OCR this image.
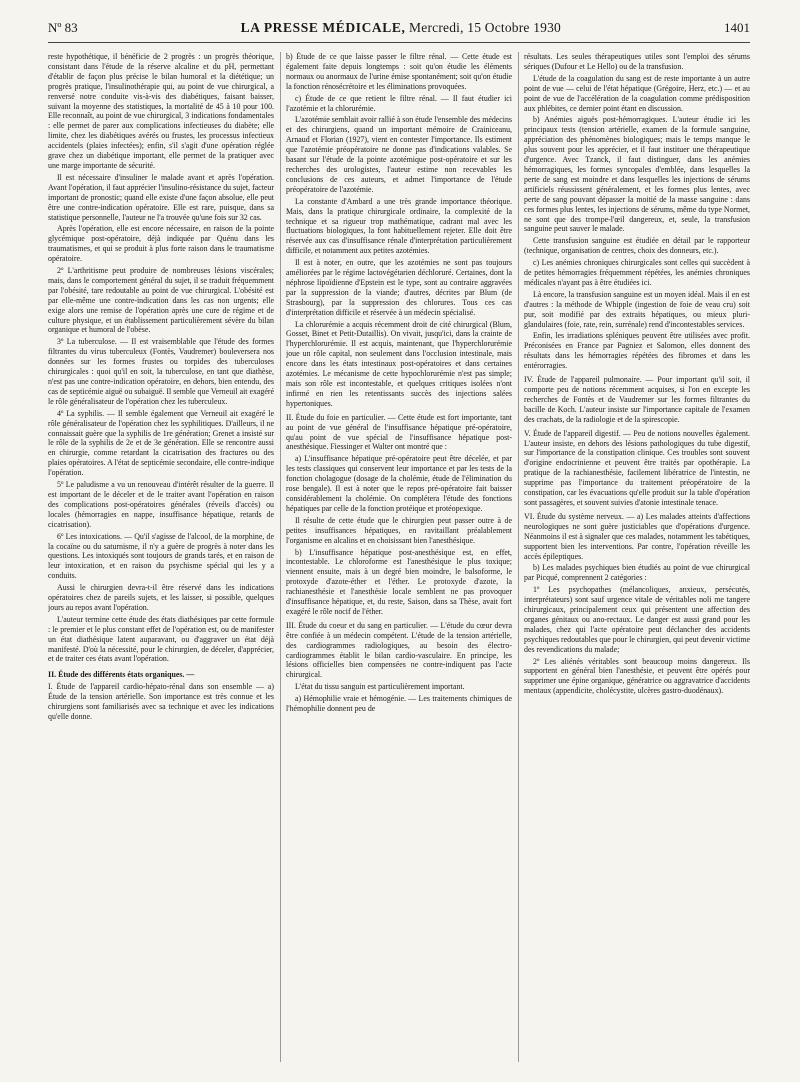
Nº 83	LA PRESSE MÉDICALE, Mercredi, 15 Octobre 1930	1401

reste hypothétique, il bénéficie de 2 progrès : un progrès théorique, consistant dans l'étude de la réserve alcaline et du pH, permettant d'établir de façon plus précise le bilan humoral et la diététique; un progrès pratique, l'insulinothérapie qui, au point de vue chirurgical, a renversé notre conduite vis-à-vis des diabétiques, faisant baisser, suivant la moyenne des statistiques, la mortalité de 45 à 10 pour 100. Elle reconnaît, au point de vue chirurgical, 3 indications fondamentales : elle permet de parer aux complications infectieuses du diabète; elle limite, chez les diabétiques avérés ou frustes, les processus infectieux accidentels (plaies infectées); enfin, s'il s'agit d'une opération réglée grave chez un diabétique important, elle permet de la pratiquer avec une marge importante de sécurité.

Il est nécessaire d'insuliner le malade avant et après l'opération. Avant l'opération, il faut apprécier l'insulino-résistance du sujet, facteur important de pronostic; quand elle existe d'une façon absolue, elle peut être une contre-indication opératoire. Elle est rare, puisque, dans sa statistique personnelle, l'auteur ne l'a trouvée qu'une fois sur 32 cas.

Après l'opération, elle est encore nécessaire, en raison de la pointe glycémique post-opératoire, déjà indiquée par Quénu dans les traumatismes, et qui se produit à plus forte raison dans le traumatisme opératoire.

2º L'arthritisme peut produire de nombreuses lésions viscérales; mais, dans le comportement général du sujet, il se traduit fréquemment par l'obésité, tare redoutable au point de vue chirurgical. L'obésité est par elle-même une contre-indication dans les cas non urgents; elle exige alors une remise de l'opération après une cure de régime et de culture physique, et un établissement particulièrement sévère du bilan organique et humoral de l'obèse.

3º La tuberculose. — Il est vraisemblable que l'étude des formes filtrantes du virus tuberculeux (Fontès, Vaudremer) bouleversera nos données sur les formes frustes ou torpides des tuberculoses chirurgicales : quoi qu'il en soit, la tuberculose, en tant que diathèse, n'est pas une contre-indication opératoire, en dehors, bien entendu, des cas de septicémie aiguë ou subaiguë. Il semble que Verneuil ait exagéré le rôle généralisateur de l'opération chez les tuberculeux.

4º La syphilis. — Il semble également que Verneuil ait exagéré le rôle généralisateur de l'opération chez les syphilitiques. D'ailleurs, il ne connaissait guère que la syphilis de 1re génération; Grenet a insisté sur le rôle de la syphilis de 2e et de 3e génération. Elle se rencontre aussi en chirurgie, comme retardant la cicatrisation des fractures ou des plaies opératoires. A l'état de septicémie secondaire, elle contre-indique l'opération.

5º Le paludisme a vu un renouveau d'intérêt résulter de la guerre. Il est important de le déceler et de le traiter avant l'opération en raison des complications post-opératoires générales (réveils d'accès) ou locales (hémorragies en nappe, insuffisance hépatique, retards de cicatrisation).

6º Les intoxications. — Qu'il s'agisse de l'alcool, de la morphine, de la cocaïne ou du saturnisme, il n'y a guère de progrès à noter dans les questions. Les intoxiqués sont toujours de grands tarés, et en raison de leur intoxication, et en raison du psychisme spécial qui les y a conduits.

Aussi le chirurgien devra-t-il être réservé dans les indications opératoires chez de pareils sujets, et les laisser, si possible, quelques jours au repos avant l'opération.

L'auteur termine cette étude des états diathésiques par cette formule : le premier et le plus constant effet de l'opération est, ou de manifester un état diathésique latent auparavant, ou d'aggraver un état déjà manifesté. D'où la nécessité, pour le chirurgien, de déceler, d'apprécier, et de traiter ces états avant l'opération.

II. Étude des différents états organiques. —

I. Étude de l'appareil cardio-hépato-rénal dans son ensemble — a) Étude de la tension artérielle. Son importance est très connue et les chirurgiens sont familiarisés avec sa technique et avec les indications qu'elle donne.

b) Étude de ce que laisse passer le filtre rénal. — Cette étude est également faite depuis longtemps : soit qu'on étudie les éléments normaux ou anormaux de l'urine émise spontanément; soit qu'on étudie la fonction rénosécrétoire et les éliminations provoquées.

c) Étude de ce que retient le filtre rénal. — Il faut étudier ici l'azotémie et la chlorurémie.

L'azotémie semblait avoir rallié à son étude l'ensemble des médecins et des chirurgiens, quand un important mémoire de Crainiceanu, Arnaud et Florian (1927), vient en contester l'importance. Ils estiment que l'azotémie préopératoire ne donne pas d'indications valables. Se basant sur l'étude de la pointe azotémique post-opératoire et sur les recherches des urologistes, l'auteur estime non recevables les conclusions de ces auteurs, et admet l'importance de l'étude préopératoire de l'azotémie.

La constante d'Ambard a une très grande importance théorique. Mais, dans la pratique chirurgicale ordinaire, la complexité de la technique et sa rigueur trop mathématique, cadrant mal avec les fluctuations biologiques, la font habituellement rejeter. Elle doit être réservée aux cas d'insuffisance rénale d'interprétation particulièrement difficile, et notamment aux petites azotémies.

Il est à noter, en outre, que les azotémies ne sont pas toujours améliorées par le régime lactovégétarien déchloruré. Certaines, dont la néphrose lipoïdienne d'Epstein est le type, sont au contraire aggravées par la suppression de la viande; d'autres, décrites par Blum (de Strasbourg), par la suppression des chlorures. Tous ces cas d'interprétation difficile et réservée à un médecin spécialisé.

La chlorurémie a acquis récemment droit de cité chirurgical (Blum, Gosset, Binet et Petit-Dutaillis). On vivait, jusqu'ici, dans la crainte de l'hyperchlorurémie. Il est acquis, maintenant, que l'hyperchlorurémie joue un rôle capital, non seulement dans l'occlusion intestinale, mais encore dans les états intestinaux post-opératoires et dans certaines azotémies. Le mécanisme de cette hypochlorurémie n'est pas simple; mais son rôle est incontestable, et quelques critiques isolées n'ont infirmé en rien les retentissants succès des injections salées hypertoniques.

II. Étude du foie en particulier. — Cette étude est fort importante, tant au point de vue général de l'insuffisance hépatique pré-opératoire, qu'au point de vue spécial de l'insuffisance hépatique post-anesthésique. Fiessinger et Walter ont montré que :

a) L'insuffisance hépatique pré-opératoire peut être décelée, et par les tests classiques qui conservent leur importance et par les tests de la fonction cholagogue (dosage de la cholémie, étude de l'élimination du rose bengale). Il est à noter que le repos pré-opératoire fait baisser considérablement la cholémie. On complétera l'étude des fonctions hépatiques par celle de la fonction protéique et protéopexique.

Il résulte de cette étude que le chirurgien peut passer outre à de petites insuffisances hépatiques, en ravitaillant préalablement l'organisme en alcalins et en choisissant bien l'anesthésique.

b) L'insuffisance hépatique post-anesthésique est, en effet, incontestable. Le chloroforme est l'anesthésique le plus toxique; viennent ensuite, mais à un degré bien moindre, le balsoforme, le protoxyde d'azote-éther et l'éther. Le protoxyde d'azote, la rachianesthésie et l'anesthésie locale semblent ne pas provoquer d'insuffisance hépatique, et, du reste, Saison, dans sa Thèse, avait fort exagéré le rôle nocif de l'éther.

III. Étude du coeur et du sang en particulier. — L'étude du cœur devra être confiée à un médecin compétent. L'étude de la tension artérielle, des cardiogrammes radiologiques, au besoin des électro-cardiogrammes établit le bilan cardio-vasculaire. En principe, les lésions officielles bien compensées ne contre-indiquent pas l'acte chirurgical.

L'état du tissu sanguin est particulièrement important.

a) Hémophilie vraie et hémogénie. — Les traitements chimiques de l'hémophilie donnent peu de

résultats. Les seules thérapeutiques utiles sont l'emploi des sérums sériques (Dufour et Le Hello) ou de la transfusion.

L'étude de la coagulation du sang est de reste importante à un autre point de vue — celui de l'état hépatique (Grégoire, Herz, etc.) — et au point de vue de l'accélération de la coagulation comme prédisposition aux phlébites, ce dernier point étant en discussion.

b) Anémies aiguës post-hémorragiques. L'auteur étudie ici les principaux tests (tension artérielle, examen de la formule sanguine, appréciation des phénomènes biologiques; mais le temps manque le plus souvent pour les apprécier, et il faut instituer une thérapeutique d'urgence. Avec Tzanck, il faut distinguer, dans les anémies hémorragiques, les formes syncopales d'emblée, dans lesquelles la perte de sang est moindre et dans lesquelles les injections de sérums artificiels réussissent généralement, et les formes plus lentes, avec perte de sang pouvant dépasser la moitié de la masse sanguine : dans ces formes plus lentes, les injections de sérums, même du type Normet, ne sont que des trompe-l'œil dangereux, et, seule, la transfusion sanguine peut sauver le malade.

Cette transfusion sanguine est étudiée en détail par le rapporteur (technique, organisation de centres, choix des donneurs, etc.).

c) Les anémies chroniques chirurgicales sont celles qui succèdent à de petites hémorragies fréquemment répétées, les anémies chroniques médicales n'ayant pas à être étudiées ici.

Là encore, la transfusion sanguine est un moyen idéal. Mais il en est d'autres : la méthode de Whipple (ingestion de foie de veau cru) soit pur, soit modifié par des extraits hépatiques, ou mieux pluri-glandulaires (foie, rate, rein, surrénale) rend d'incontestables services.

Enfin, les irradiations spléniques peuvent être utilisées avec profit. Préconisées en France par Pagniez et Salomon, elles donnent des résultats dans les hémorragies répétées des fibromes et dans les entérorragies.

IV. Étude de l'appareil pulmonaire. — Pour important qu'il soit, il comporte peu de notions récemment acquises, si l'on en excepte les recherches de Fontès et de Vaudremer sur les formes filtrantes du bacille de Koch. L'auteur insiste sur l'importance capitale de l'examen des crachats, de la radiologie et de la spirescopie.

V. Étude de l'appareil digestif. — Peu de notions nouvelles également. L'auteur insiste, en dehors des lésions pathologiques du tube digestif, sur l'importance de la constipation clinique. Ces troubles sont souvent d'origine endocrinienne et peuvent être traités par opothérapie. La pratique de la rachianesthésie, facilement libératrice de l'intestin, ne supprime pas l'importance du traitement préopératoire de la constipation, car les évacuations qu'elle produit sur la table d'opération sont passagères, et souvent suivies d'atonie intestinale tenace.

VI. Étude du système nerveux. — a) Les malades atteints d'affections neurologiques ne sont guère justiciables que d'opérations d'urgence. Néanmoins il est à signaler que ces malades, notamment les tabétiques, supportent bien les interventions. Par contre, l'opération réveille les accès épileptiques.

b) Les malades psychiques bien étudiés au point de vue chirurgical par Picqué, comprennent 2 catégories :

1º Les psychopathes (mélancoliques, anxieux, persécutés, interprétateurs) sont sauf urgence vitale de véritables noli me tangere chirurgicaux, principalement ceux qui présentent une affection des organes génitaux ou ano-rectaux. Le danger est aussi grand pour les malades, chez qui l'acte opératoire peut déclancher des accidents psychiques redoutables que pour le chirurgien, qui peut devenir victime des revendications du malade;

2º Les aliénés véritables sont beaucoup moins dangereux. Ils supportent en général bien l'anesthésie, et peuvent être opérés pour supprimer une épine organique, génératrice ou aggravatrice d'accidents mentaux (appendicite, cholécystite, ulcères gastro-duodénaux).
